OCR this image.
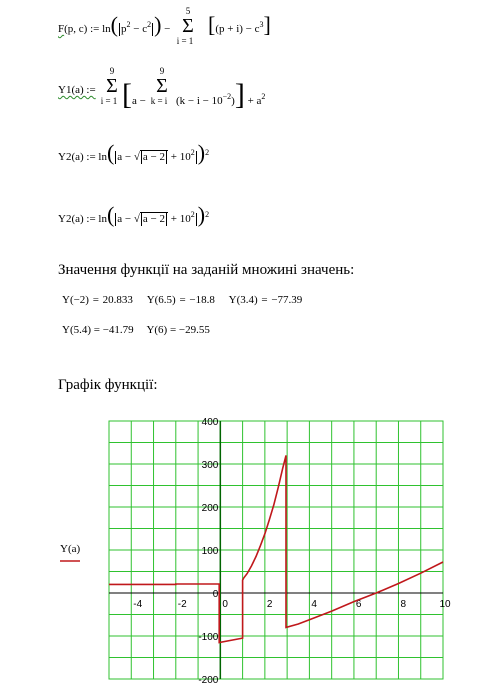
F(p, c) := ln( $p^2 - c^2$ ) −
5
Σ
i = 1
$[(p + i) - c^3]$
Y1(a) :=
9
Σ
i = 1 [a −
9
Σ
k = i $(k - i - 10^{-2})] + a^2$
Y2(a) := ln( a − √ $a - 2 + 10^2$ )$^2$
Y2(a) := ln( a − √ $a - 2 + 10^2$ )$^2$
Значення функції на заданій множині значень:
Y(−2) = 20.833 Y(6.5) = −18.8 Y(3.4) = −77.39
Y(5.4) = −41.79 Y(6) = −29.55
Графік функції:
-4	-2	0	2	4	6	8	10
-200
-100
0
100
200
300
400
Y(a)
